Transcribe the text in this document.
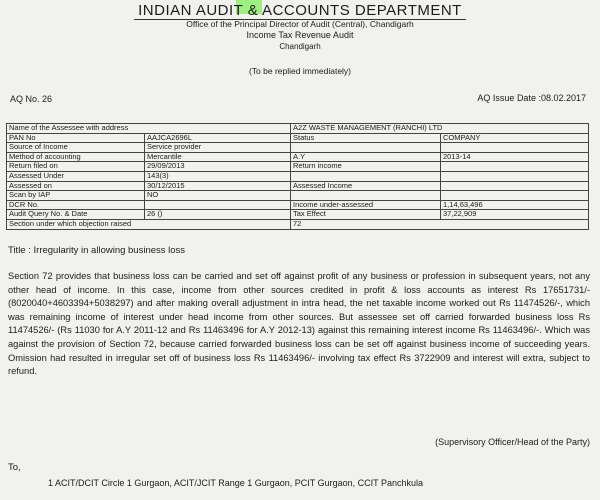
INDIAN AUDIT & ACCOUNTS DEPARTMENT
Office of the Principal Director of Audit (Central), Chandigarh
Income Tax Revenue Audit
Chandigarh
(To be replied immediately)
AQ No. 26	AQ Issue Date :08.02.2017
Name of the Assessee with address		A2Z WASTE MANAGEMENT (RANCHI) LTD	
PAN No	AAJCA2696L	Status	COMPANY
Source of Income	Service provider		
Method of accounting	Mercantile	A.Y	2013-14
Return filed on	29/09/2013	Return income	
Assessed Under	143(3)		
Assessed on	30/12/2015	Assessed Income	
Scan by IAP	NO		
DCR No.		Income under-assessed	1,14,63,496
Audit Query No. & Date	26 ()	Tax Effect	37,22,909
Section under which objection raised		72	
Title : Irregularity in allowing business loss

Section 72 provides that business loss can be carried and set off against profit of any business or profession in subsequent years, not any other head of income. In this case, income from other sources credited in profit & loss accounts as interest Rs 17651731/- (8020040+4603394+5038297) and after making overall adjustment in intra head, the net taxable income worked out Rs 11474526/-, which was remaining income of interest under head income from other sources. But assessee set off carried forwarded business loss Rs 11474526/- (Rs 11030 for A.Y 2011-12 and Rs 11463496 for A.Y 2012-13) against this remaining interest income Rs 11463496/-. Which was against the provision of Section 72, because carried forwarded business loss can be set off against business income of succeeding years. Omission had resulted in irregular set off of business loss Rs 11463496/- involving tax effect Rs 3722909 and interest will extra, subject to refund.

(Supervisory Officer/Head of the Party)
To,
1 ACIT/DCIT Circle 1 Gurgaon, ACIT/JCIT Range 1 Gurgaon, PCIT Gurgaon, CCIT Panchkula
